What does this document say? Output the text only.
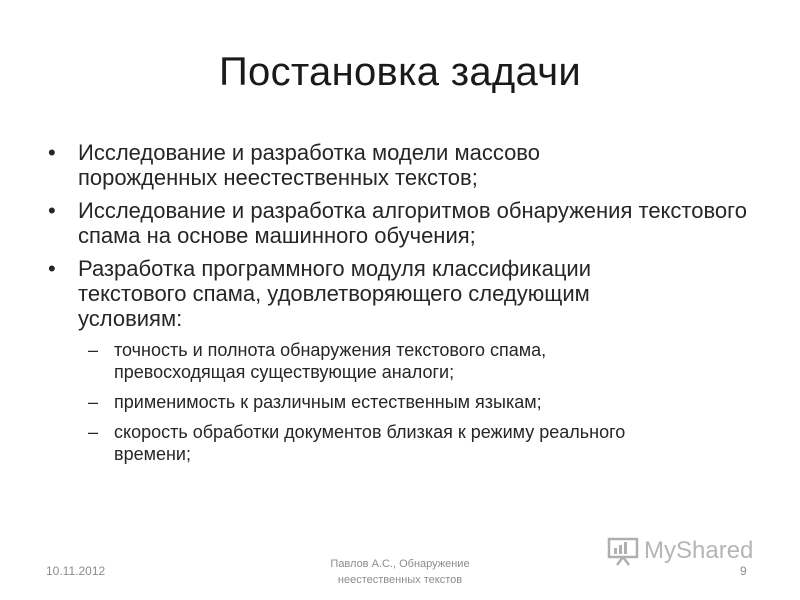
Постановка задачи
• Исследование и разработка модели массово порожденных неестественных текстов;
• Исследование и разработка алгоритмов обнаружения текстового спама на основе машинного обучения;
• Разработка программного модуля классификации текстового спама, удовлетворяющего следующим условиям:
– точность и полнота обнаружения текстового спама, превосходящая существующие аналоги;
– применимость к различным естественным языкам;
– скорость обработки документов близкая к режиму реального времени;
10.11.2012	Павлов А.С., Обнаружение
неестественных текстов
9
MyShared
